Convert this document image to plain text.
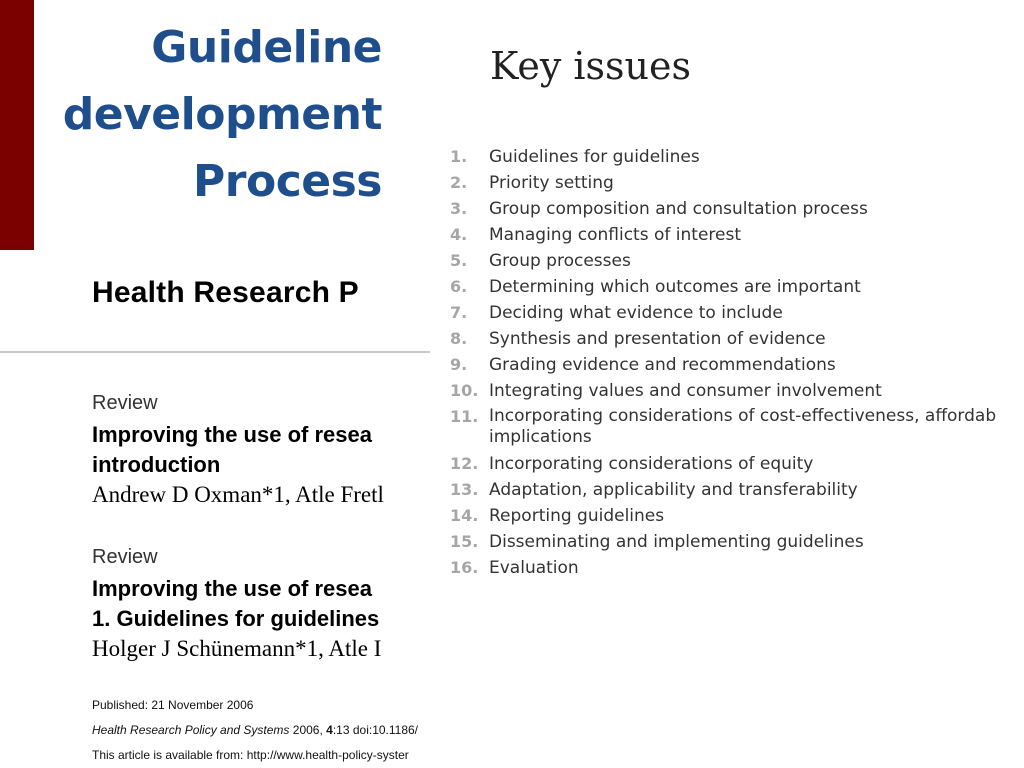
Guideline
development
Process
Health Research P
Review
Improving the use of resea
introduction
Andrew D Oxman*1, Atle Fretl
Review
Improving the use of resea
1. Guidelines for guidelines
Holger J Schünemann*1, Atle I
Published: 21 November 2006
Health Research Policy and Systems 2006, 4:13 doi:10.1186/
This article is available from: http://www.health-policy-syster
Key issues
1.	Guidelines for guidelines
2.	Priority setting
3.	Group composition and consultation process
4.	Managing conflicts of interest
5.	Group processes
6.	Determining which outcomes are important
7.	Deciding what evidence to include
8.	Synthesis and presentation of evidence
9.	Grading evidence and recommendations
10. Integrating values and consumer involvement
11. Incorporating considerations of cost-effectiveness, affordab
implications
12. Incorporating considerations of equity
13. Adaptation, applicability and transferability
14. Reporting guidelines
15. Disseminating and implementing guidelines
16. Evaluation
